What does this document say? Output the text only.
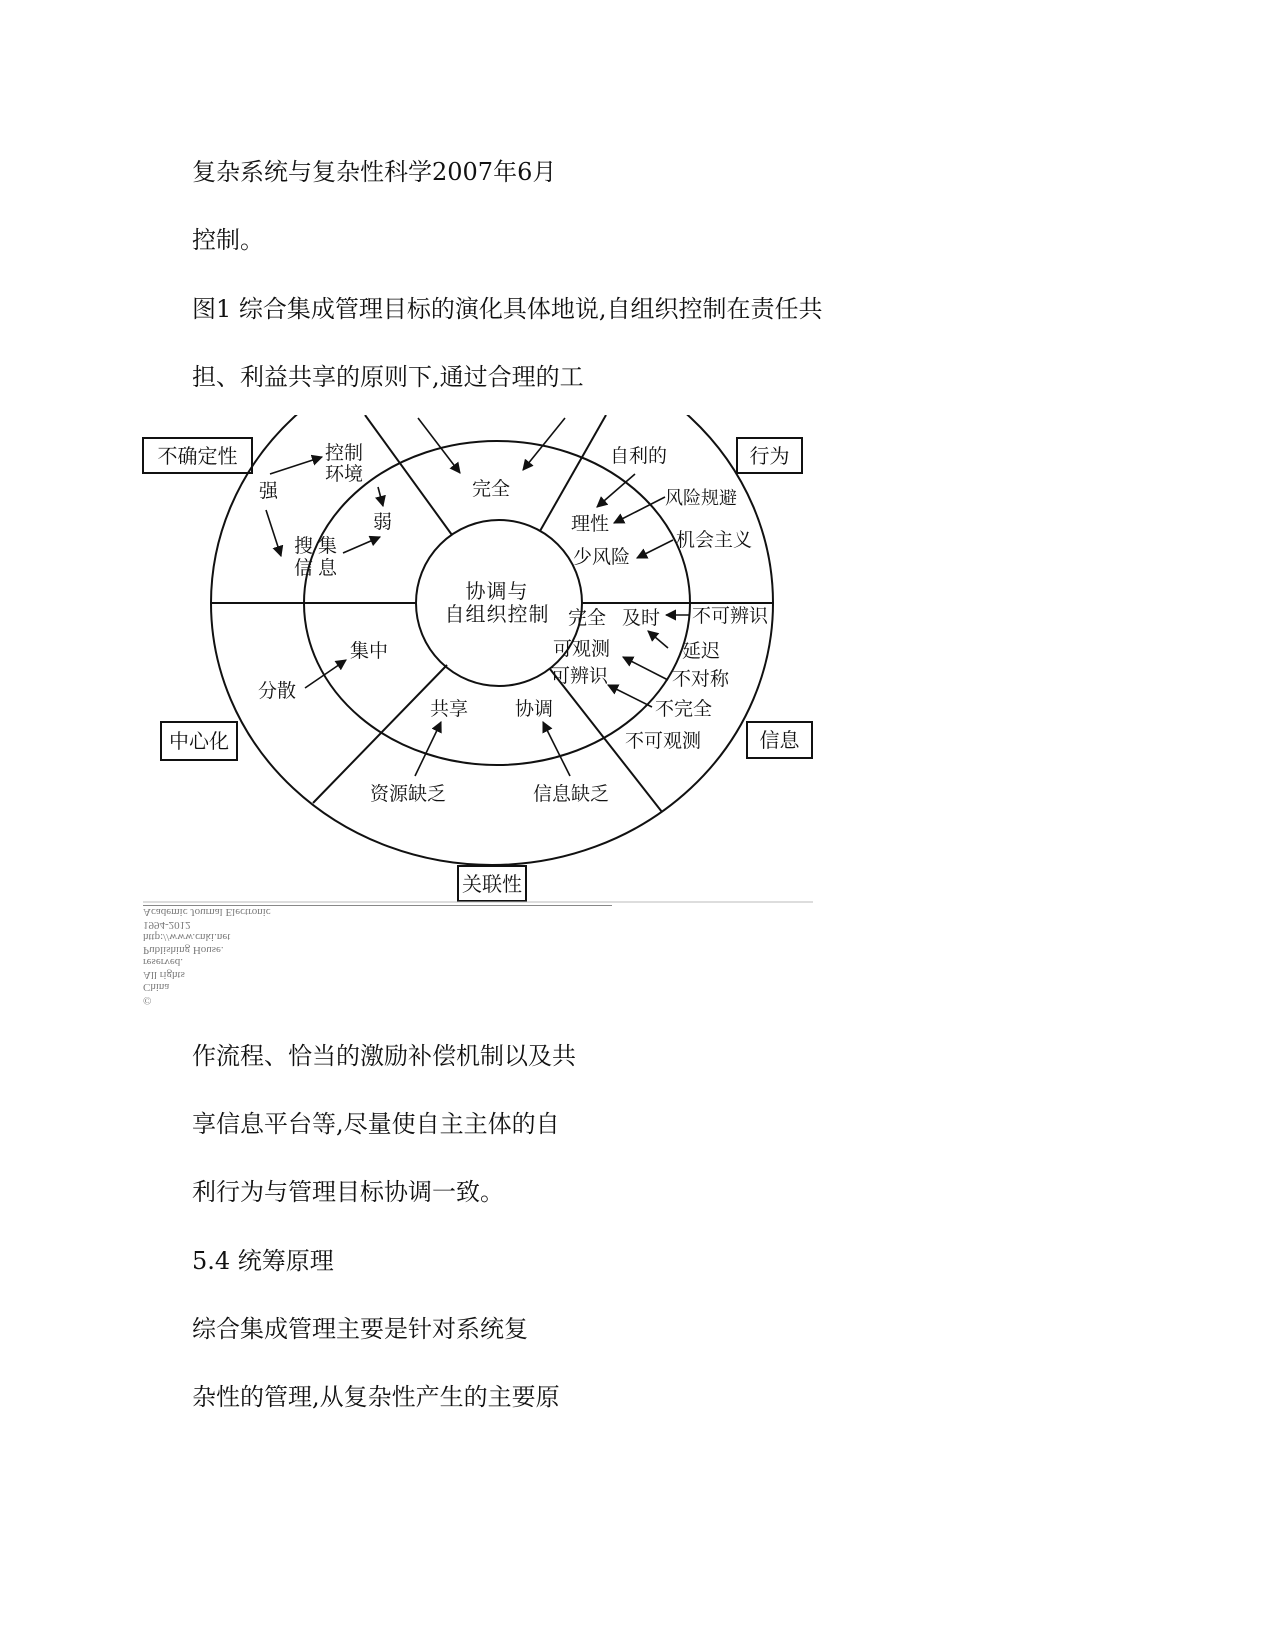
复杂系统与复杂性科学2007年6月
控制。
图1 综合集成管理目标的演化具体地说,自组织控制在责任共
担、利益共享的原则下,通过合理的工
不确定性	行为
中心化	信息
关联性
协调与
自组织控制
控制
环境
强
弱
搜集
信息
完全
自利的
风险规避
理性
机会主义
少风险
完全 及时 不可辨识
可观测	延迟
可辨识	不对称
不完全
不可观测
集中
分散
共享 协调
资源缺乏	信息缺乏
Academic Journal Electronic
1994-2012
http://www.cnki.net
Publishing House.
reserved.
All rights
China
©
作流程、恰当的激励补偿机制以及共
享信息平台等,尽量使自主主体的自
利行为与管理目标协调一致。
5.4 统筹原理
综合集成管理主要是针对系统复
杂性的管理,从复杂性产生的主要原
